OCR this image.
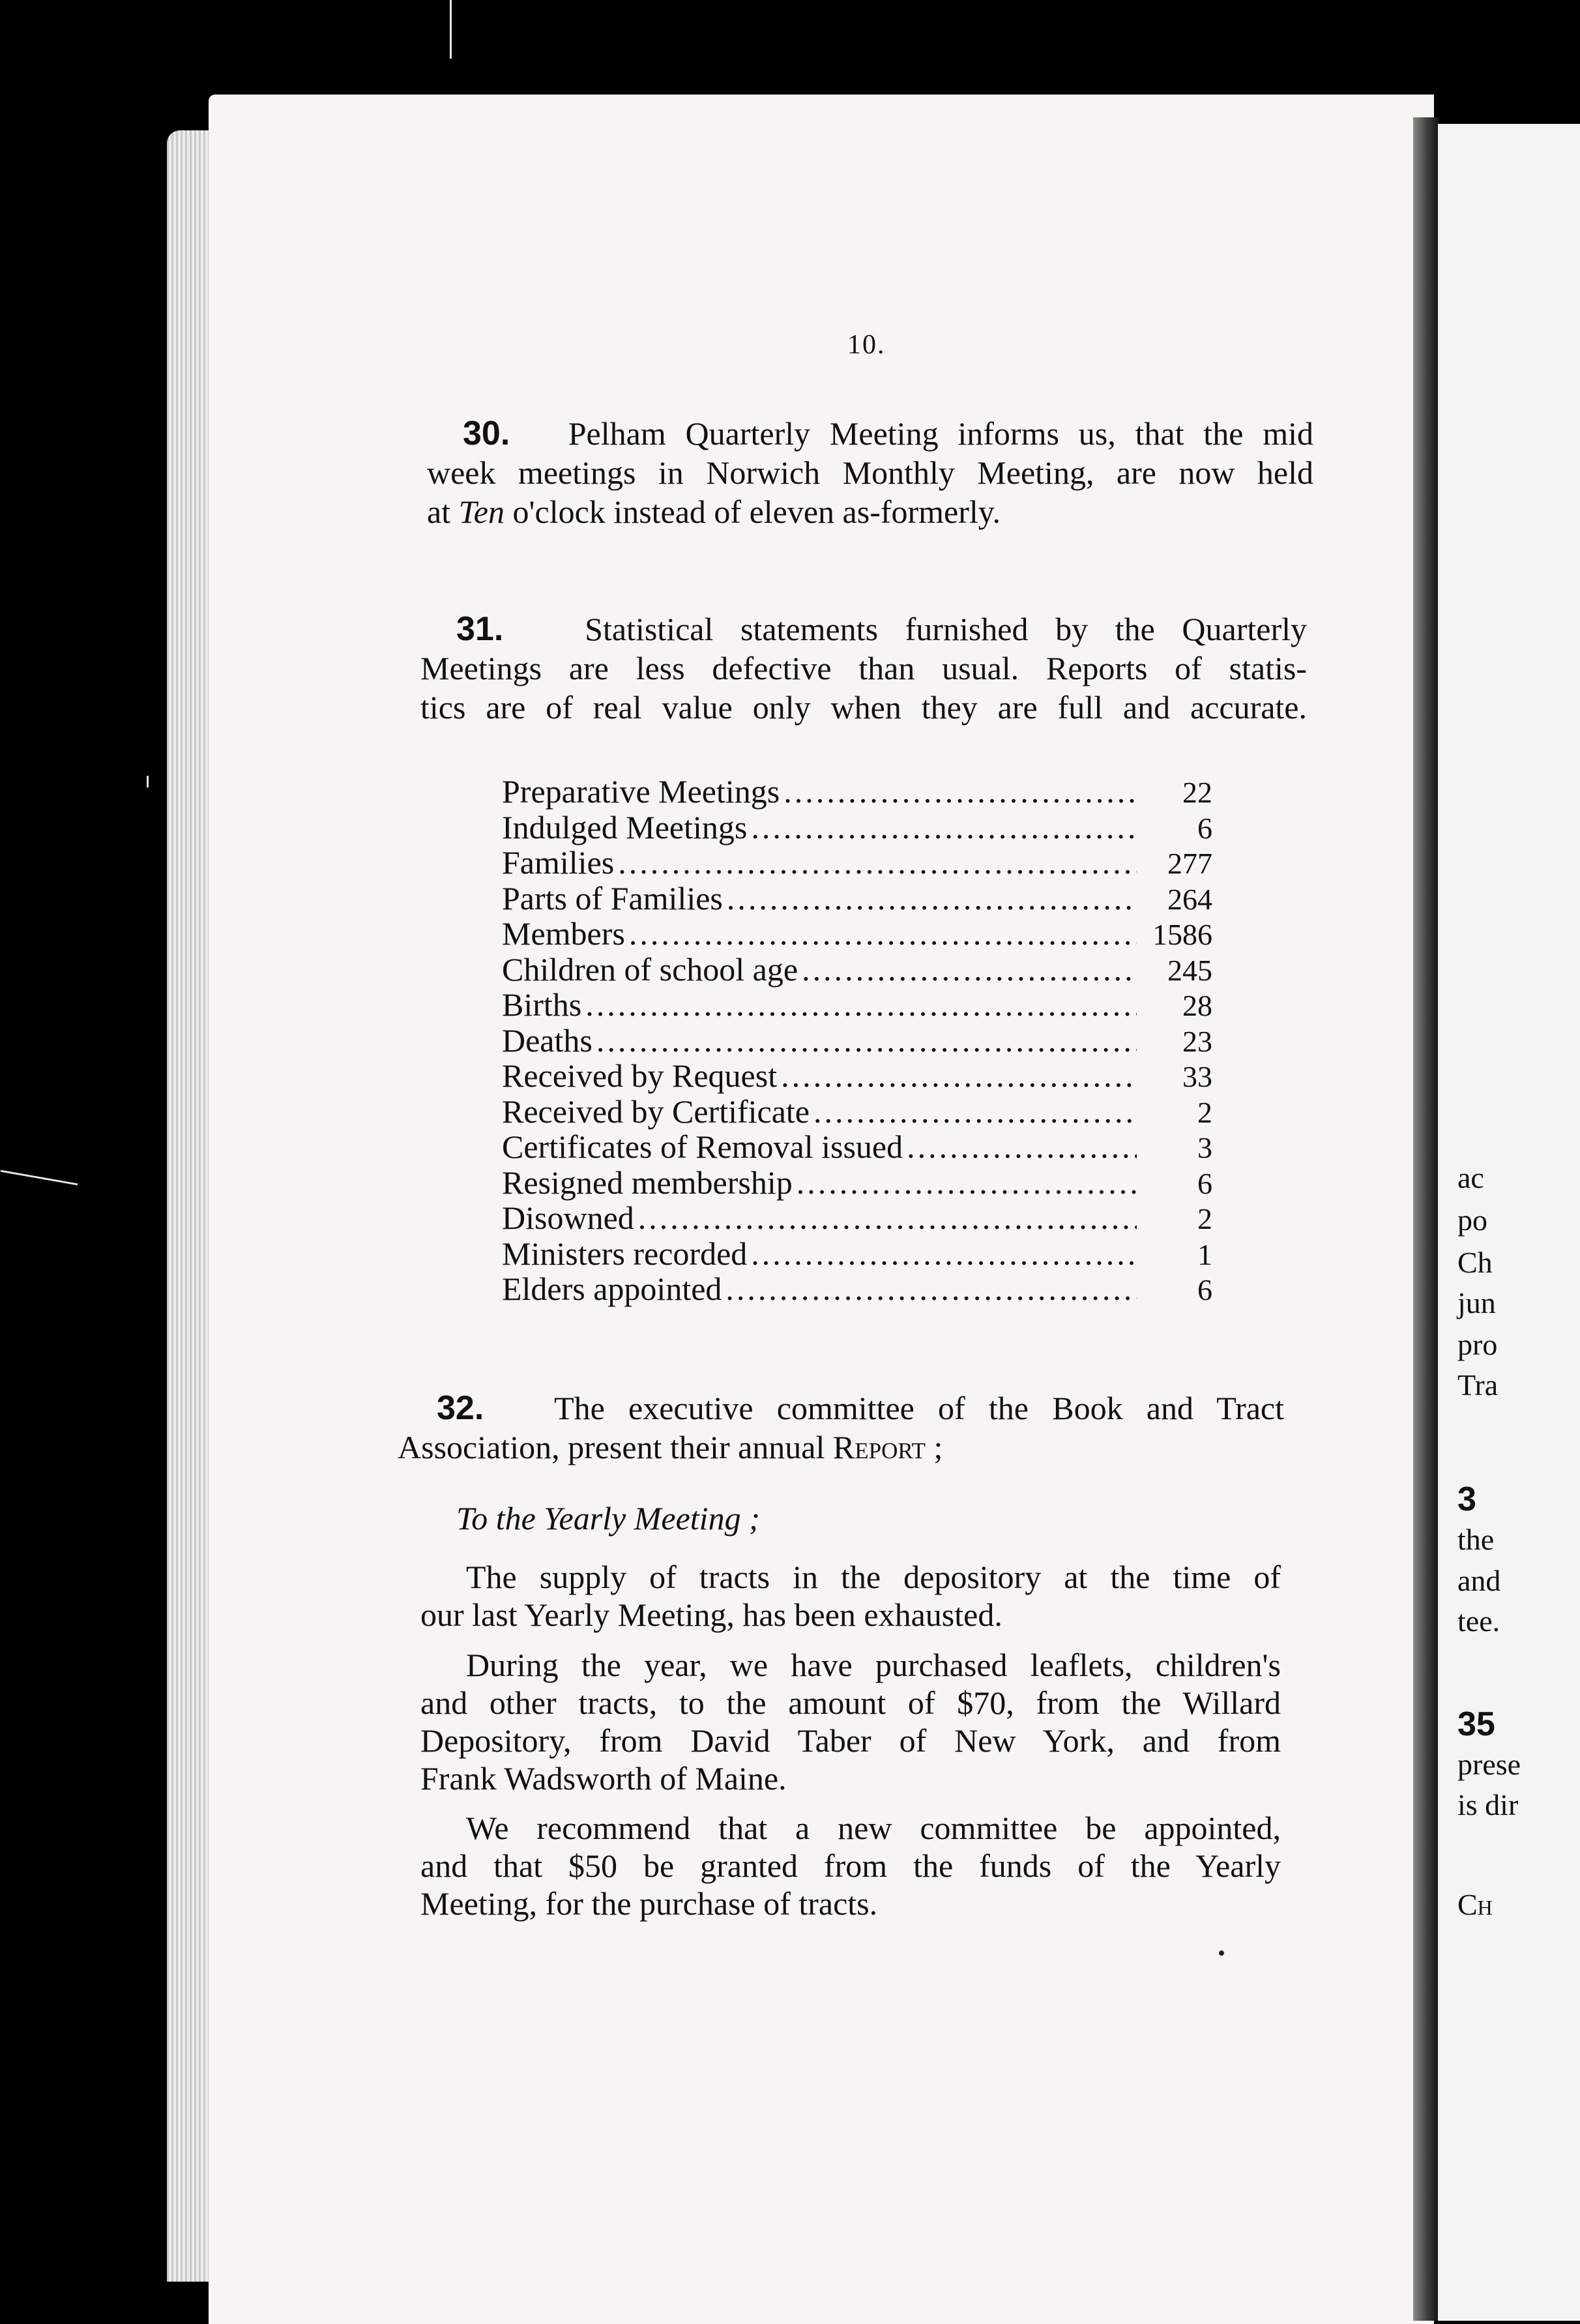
ac
po
Ch
jun
pro
Tra
3
the
and
tee.
35
prese
is dir
Ch
10.
30. Pelham Quarterly Meeting informs us, that the mid
week meetings in Norwich Monthly Meeting, are now held
at Ten o'clock instead of eleven as-formerly.
31. Statistical statements furnished by the Quarterly
Meetings are less defective than usual. Reports of statis-
tics are of real value only when they are full and accurate.
Preparative Meetings .....	22
Indulged Meetings .....	6
Families .....	277
Parts of Families .....	264
Members .....	1586
Children of school age .....	245
Births .....	28
Deaths .....	23
Received by Request .....	33
Received by Certificate .....	2
Certificates of Removal issued .....	3
Resigned membership .....	6
Disowned .....	2
Ministers recorded .....	1
Elders appointed .....	6
32. The executive committee of the Book and Tract
Association, present their annual Report ;
To the Yearly Meeting ;
The supply of tracts in the depository at the time of
our last Yearly Meeting, has been exhausted.
During the year, we have purchased leaflets, children's
and other tracts, to the amount of $70, from the Willard
Depository, from David Taber of New York, and from
Frank Wadsworth of Maine.
We recommend that a new committee be appointed,
and that $50 be granted from the funds of the Yearly
Meeting, for the purchase of tracts.
